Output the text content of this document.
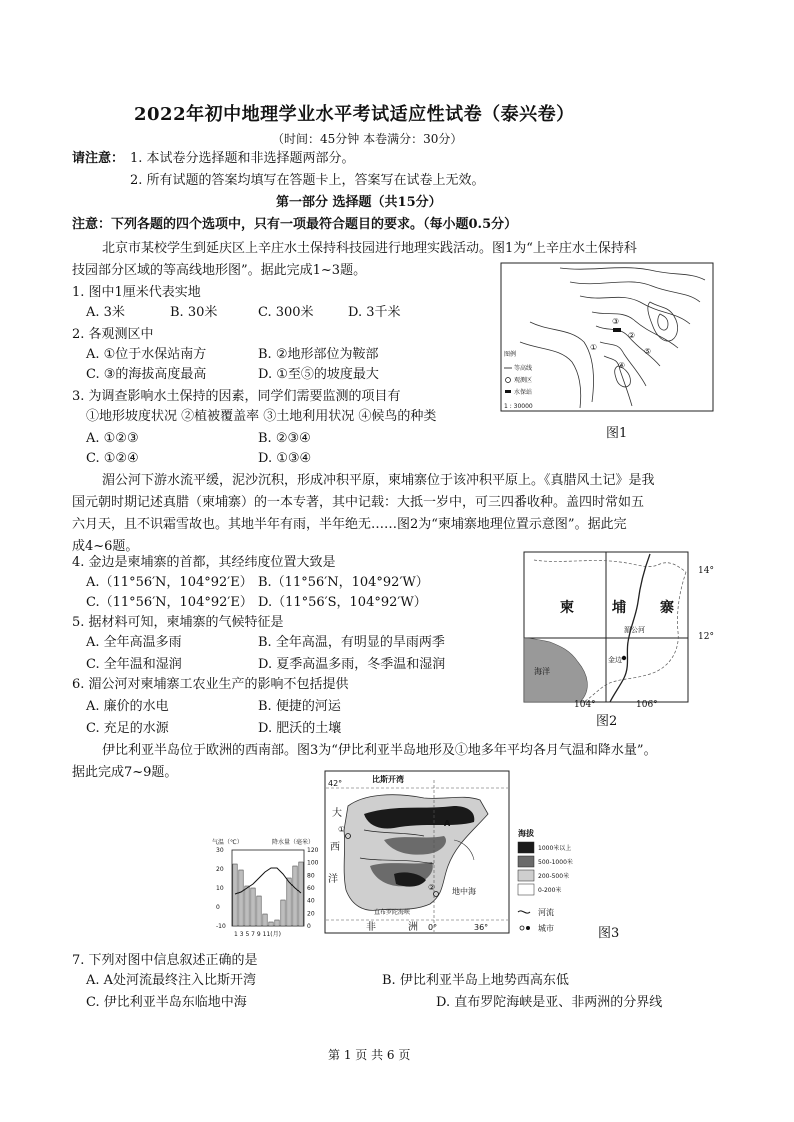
2022年初中地理学业水平考试适应性试卷（泰兴卷）
（时间：45分钟 本卷满分：30分）
请注意： 1. 本试卷分选择题和非选择题两部分。
2. 所有试题的答案均填写在答题卡上，答案写在试卷上无效。
第一部分 选择题（共15分）
注意：下列各题的四个选项中，只有一项最符合题目的要求。（每小题0.5分）
北京市某校学生到延庆区上辛庄水土保持科技园进行地理实践活动。图1为“上辛庄水土保持科
技园部分区域的等高线地形图”。据此完成1~3题。
1. 图中1厘米代表实地
A. 3米	B. 30米	C. 300米	D. 3千米
2. 各观测区中
A. ①位于水保站南方	B. ②地形部位为鞍部
C. ③的海拔高度最高	D. ①至⑤的坡度最大
3. 为调查影响水土保持的因素，同学们需要监测的项目有
①地形坡度状况 ②植被覆盖率 ③土地利用状况 ④候鸟的种类
A. ①②③	B. ②③④
C. ①②④	D. ①③④
③
②
①	⑤
④
图例
等高线
观测区
水保站
1 : 30000
图1
湄公河下游水流平缓，泥沙沉积，形成冲积平原，柬埔寨位于该冲积平原上。《真腊风土记》是我
国元朝时期记述真腊（柬埔寨）的一本专著，其中记载：大抵一岁中，可三四番收种。盖四时常如五
六月天，且不识霜雪故也。其地半年有雨，半年绝无……图2为“柬埔寨地理位置示意图”。据此完
成4~6题。
4. 金边是柬埔寨的首都，其经纬度位置大致是
A.（11°56′N，104°92′E） B.（11°56′N，104°92′W）
C.（11°56′N，104°92′E） D.（11°56′S，104°92′W）
5. 据材料可知，柬埔寨的气候特征是
A. 全年高温多雨	B. 全年高温，有明显的旱雨两季
C. 全年温和湿润	D. 夏季高温多雨，冬季温和湿润
6. 湄公河对柬埔寨工农业生产的影响不包括提供
A. 廉价的水电	B. 便捷的河运
C. 充足的水源	D. 肥沃的土壤
柬	埔 寨
湄公河
金边
海洋
14°
12°
104°	106°
图2
伊比利亚半岛位于欧洲的西南部。图3为“伊比利亚半岛地形及①地多年平均各月气温和降水量”。
据此完成7~9题。
气温（℃）	降水量（毫米）
30
20
10
0
-10
120
100
80
60
40
20
0
1 3 5 7 9 11(月)
42°
36°
0°
比斯开湾
大
西
洋
非	洲
地中海
直布罗陀海峡
A
①
②
海拔
1000米以上
500-1000米
200-500米
0-200米
河流
城市	图3
7. 下列对图中信息叙述正确的是
A. A处河流最终注入比斯开湾	B. 伊比利亚半岛上地势西高东低
C. 伊比利亚半岛东临地中海	D. 直布罗陀海峡是亚、非两洲的分界线
第 1 页 共 6 页
